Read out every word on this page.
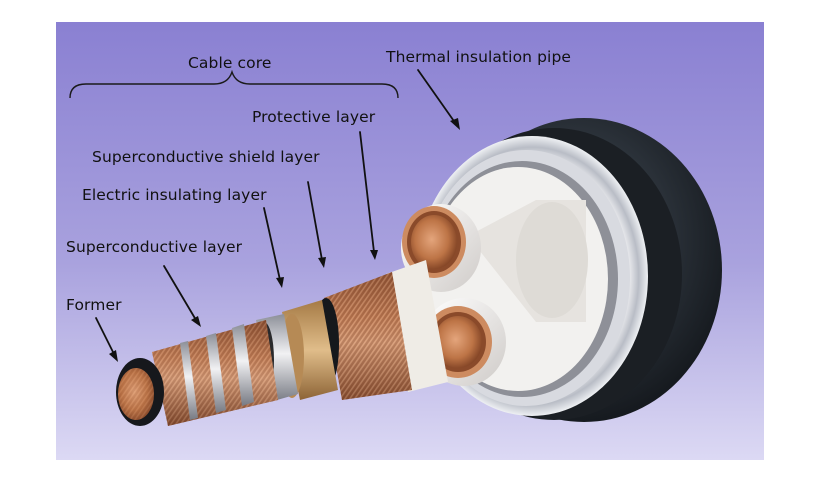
Cable core	Thermal insulation pipe
Protective layer
Superconductive shield layer
Electric insulating layer
Superconductive layer
Former
